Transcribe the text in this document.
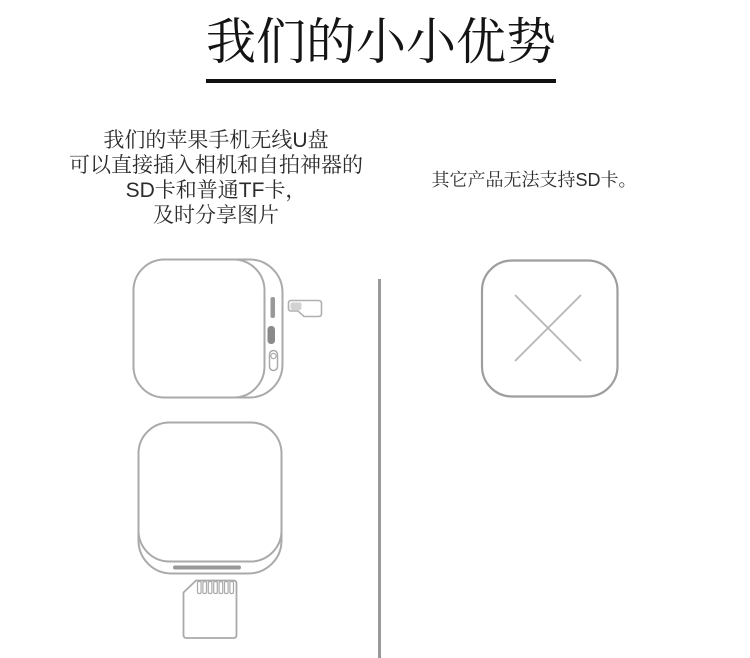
我们的小小优势
我们的苹果手机无线U盘
可以直接插入相机和自拍神器的
SD卡和普通TF卡，
及时分享图片
其它产品无法支持SD卡。
